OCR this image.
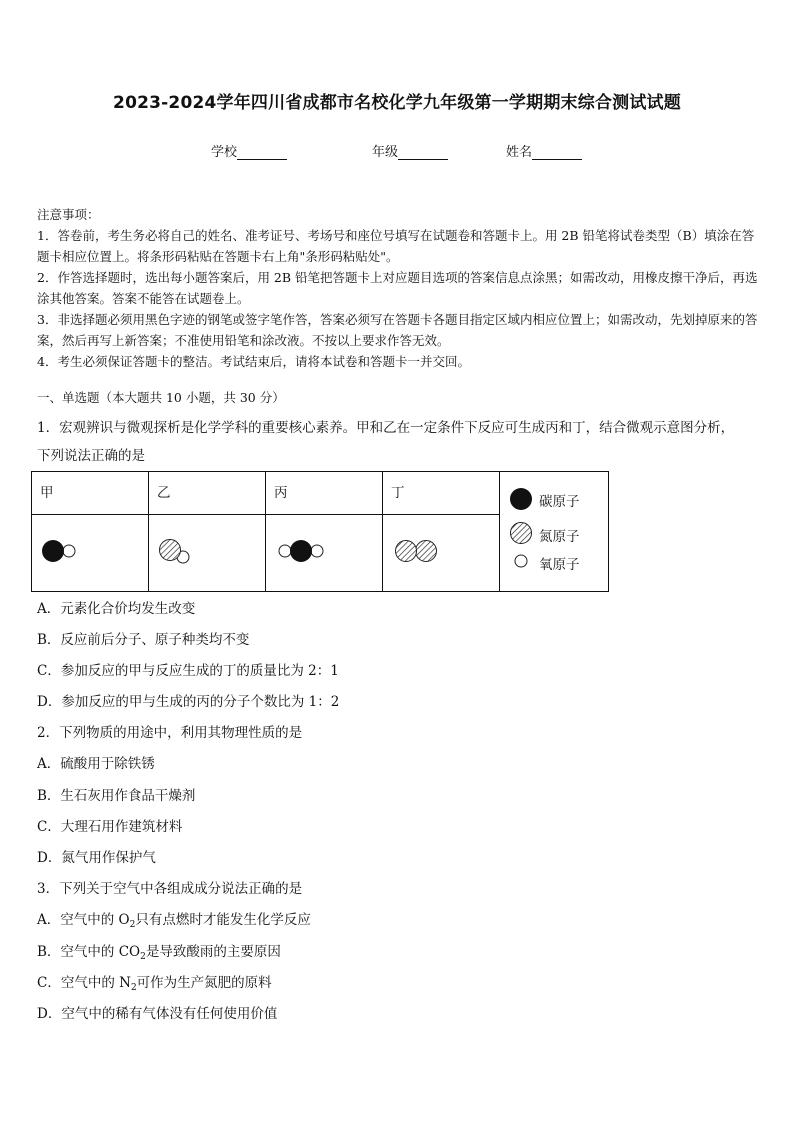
2023-2024学年四川省成都市名校化学九年级第一学期期末综合测试试题
学校	年级	姓名

注意事项：

1．答卷前，考生务必将自己的姓名、准考证号、考场号和座位号填写在试题卷和答题卡上。用 2B 铅笔将试卷类型（B）填涂在答题卡相应位置上。将条形码粘贴在答题卡右上角"条形码粘贴处"。

2．作答选择题时，选出每小题答案后，用 2B 铅笔把答题卡上对应题目选项的答案信息点涂黑；如需改动，用橡皮擦干净后，再选涂其他答案。答案不能答在试题卷上。

3．非选择题必须用黑色字迹的钢笔或签字笔作答，答案必须写在答题卡各题目指定区域内相应位置上；如需改动，先划掉原来的答案，然后再写上新答案；不准使用铅笔和涂改液。不按以上要求作答无效。

4．考生必须保证答题卡的整洁。考试结束后，请将本试卷和答题卡一并交回。

一、单选题（本大题共 10 小题，共 30 分）

1．宏观辨识与微观探析是化学学科的重要核心素养。甲和乙在一定条件下反应可生成丙和丁，结合微观示意图分析，

下列说法正确的是

甲	乙	丙	丁	碳原子
氮原子
氧原子

A．元素化合价均发生改变
B．反应前后分子、原子种类均不变
C．参加反应的甲与反应生成的丁的质量比为 2：1
D．参加反应的甲与生成的丙的分子个数比为 1：2
2．下列物质的用途中，利用其物理性质的是
A．硫酸用于除铁锈
B．生石灰用作食品干燥剂
C．大理石用作建筑材料
D．氮气用作保护气
3．下列关于空气中各组成成分说法正确的是
A．空气中的 $O_2$只有点燃时才能发生化学反应
B．空气中的 $CO_2$是导致酸雨的主要原因
C．空气中的 $N_2$可作为生产氮肥的原料
D．空气中的稀有气体没有任何使用价值
